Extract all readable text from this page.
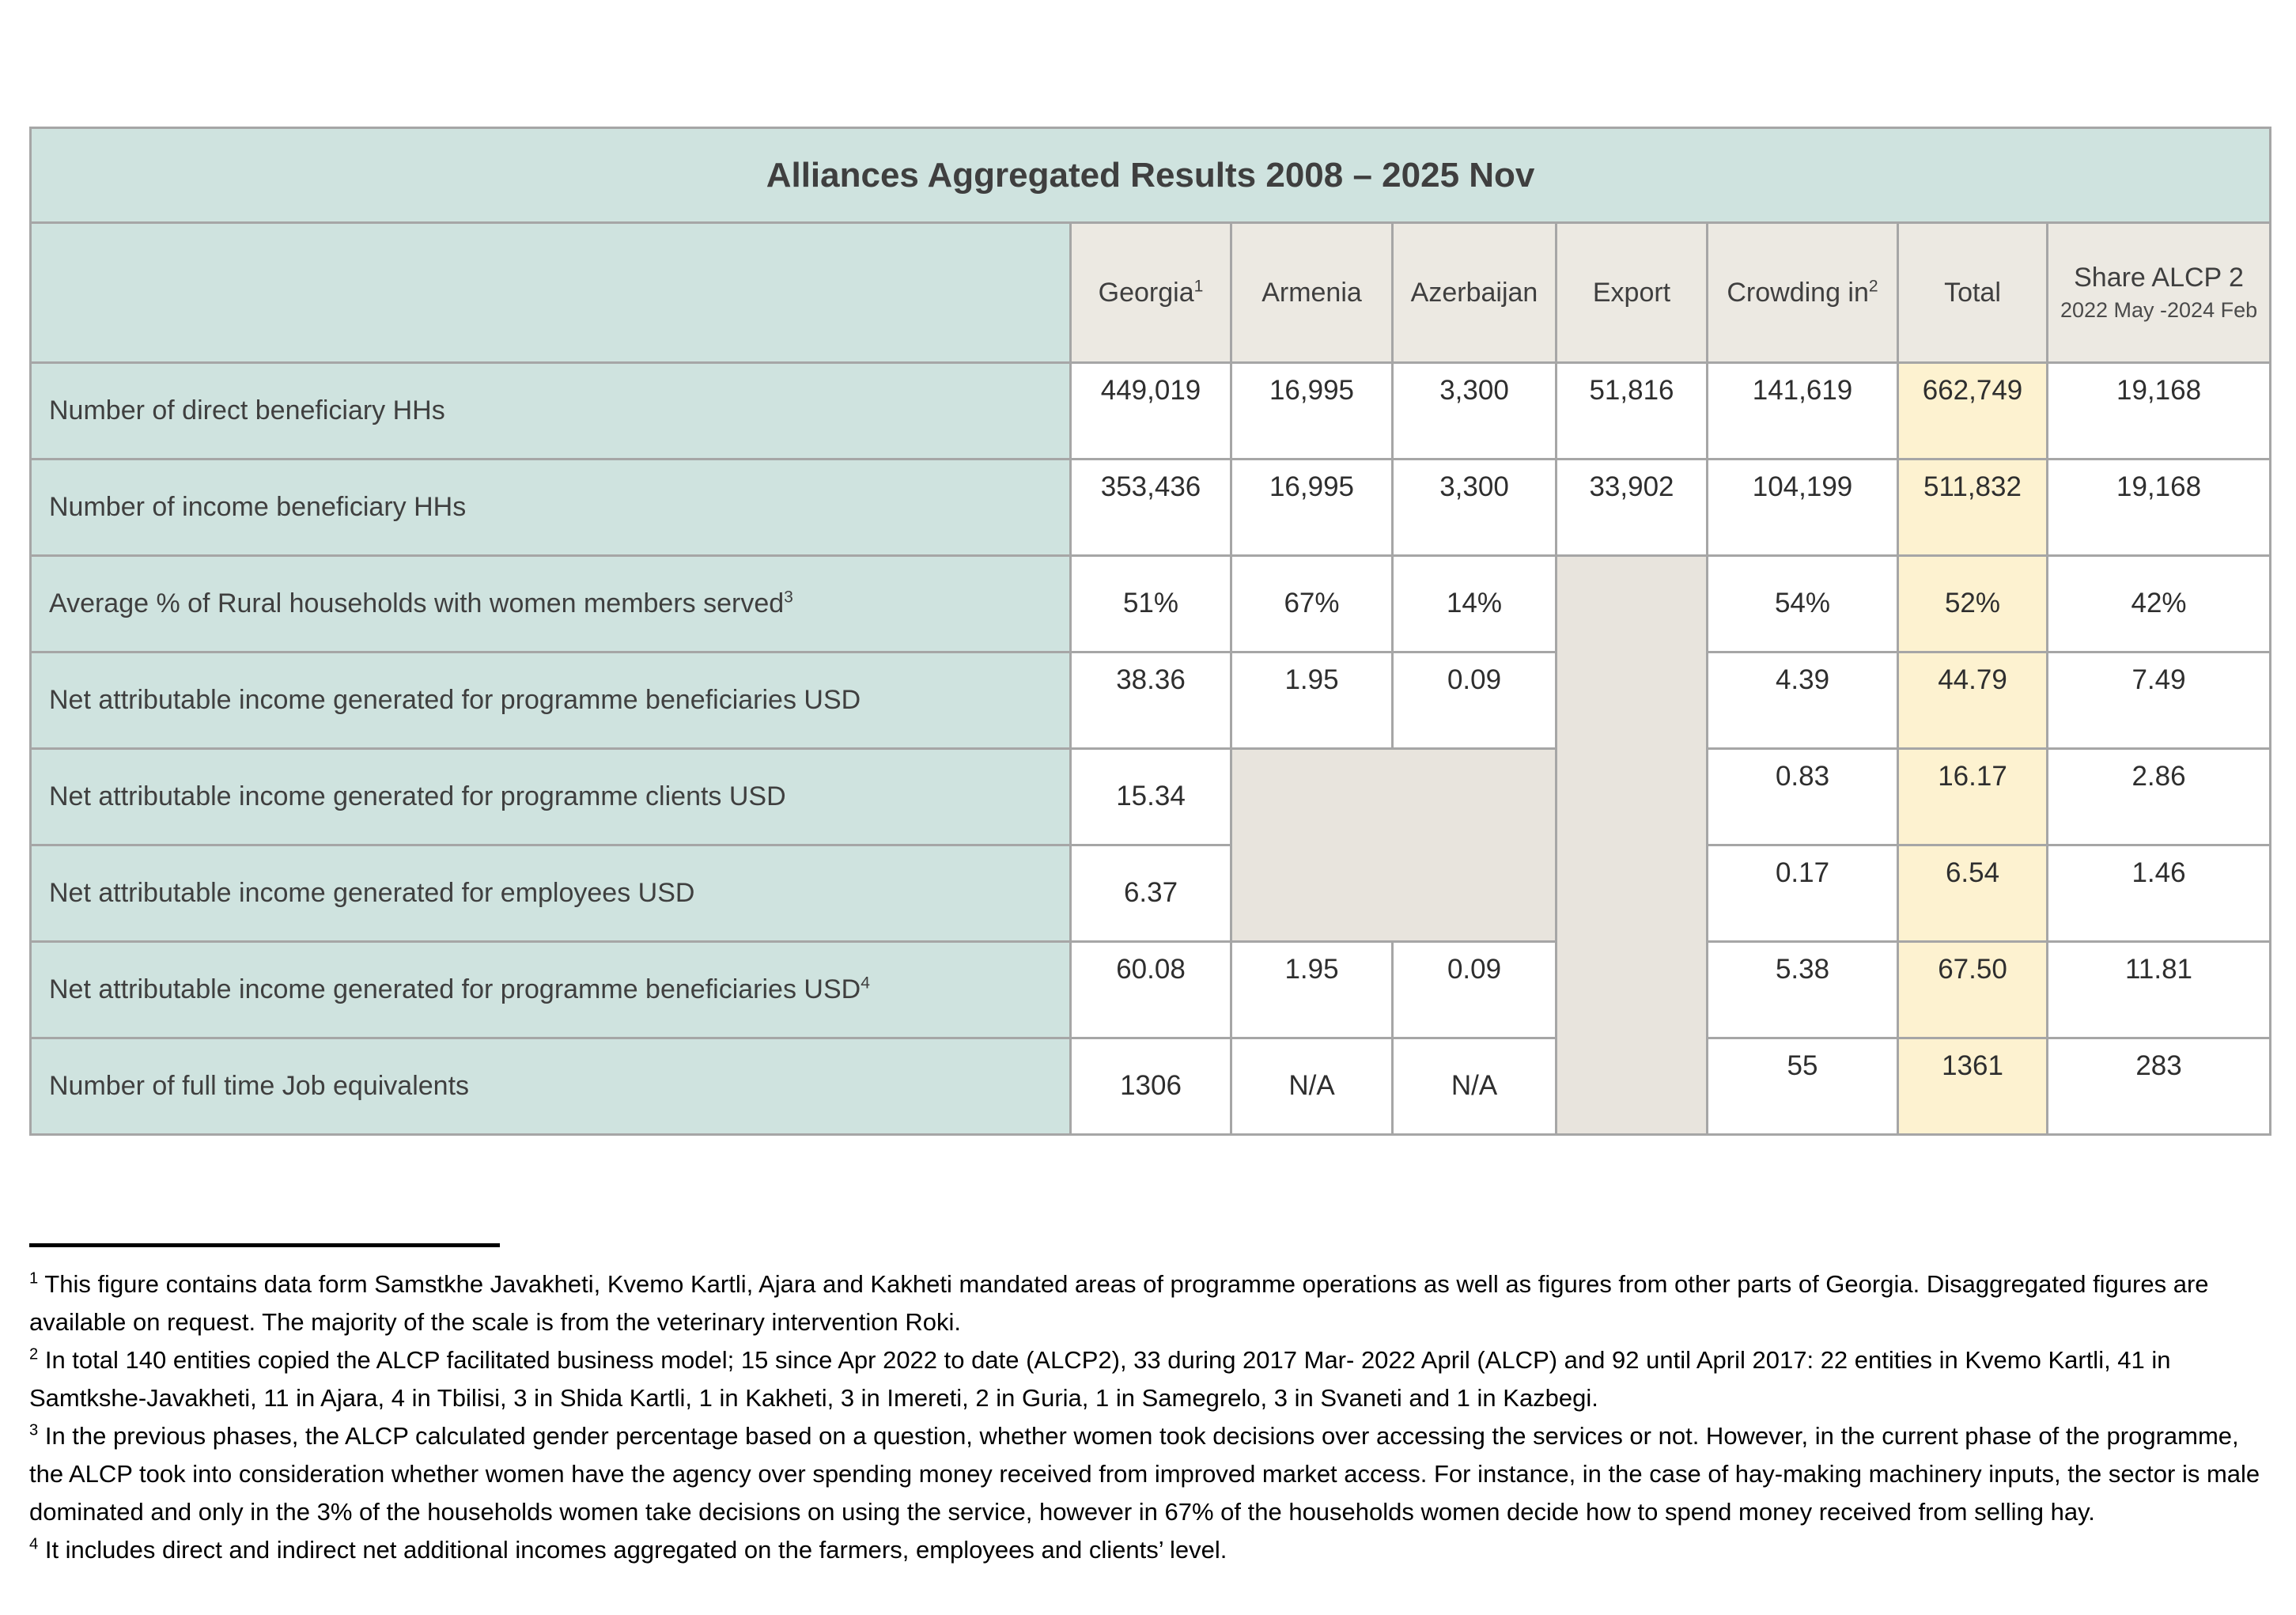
Alliances Aggregated Results 2008 – 2025 Nov							
	Georgia$^1$	Armenia	Azerbaijan	Export	Crowding $in^2$	Total	Share ALCP 2
2022 May -2024 Feb

Number of direct beneficiary HHs	449,019	16,995	3,300	51,816	141,619	662,749	19,168
Number of income beneficiary HHs	353,436	16,995	3,300	33,902	104,199	511,832	19,168
Average % of Rural households with women members served$^3$	51%	67%	14%		54%	52%	42%
Net attributable income generated for programme beneficiaries USD	38.36	1.95	0.09		4.39	44.79	7.49
Net attributable income generated for programme clients USD	15.34				0.83	16.17	2.86
Net attributable income generated for employees USD	6.37				0.17	6.54	1.46
Net attributable income generated for programme beneficiaries USD$^4$	60.08	1.95	0.09		5.38	67.50	11.81
Number of full time Job equivalents	1306	N/A	N/A		55	1361	283

$^1$ This figure contains data form Samstkhe Javakheti, Kvemo Kartli, Ajara and Kakheti mandated areas of programme operations as well as figures from other parts of Georgia. Disaggregated figures are available on request. The majority of the scale is from the veterinary intervention Roki.

$^2$ In total 140 entities copied the ALCP facilitated business model; 15 since Apr 2022 to date (ALCP2), 33 during 2017 Mar- 2022 April (ALCP) and 92 until April 2017: 22 entities in Kvemo Kartli, 41 in Samtkshe-Javakheti, 11 in Ajara, 4 in Tbilisi, 3 in Shida Kartli, 1 in Kakheti, 3 in Imereti, 2 in Guria, 1 in Samegrelo, 3 in Svaneti and 1 in Kazbegi.

$^3$ In the previous phases, the ALCP calculated gender percentage based on a question, whether women took decisions over accessing the services or not. However, in the current phase of the programme, the ALCP took into consideration whether women have the agency over spending money received from improved market access. For instance, in the case of hay-making machinery inputs, the sector is male dominated and only in the 3% of the households women take decisions on using the service, however in 67% of the households women decide how to spend money received from selling hay.

$^4$ It includes direct and indirect net additional incomes aggregated on the farmers, employees and clients’ level.
